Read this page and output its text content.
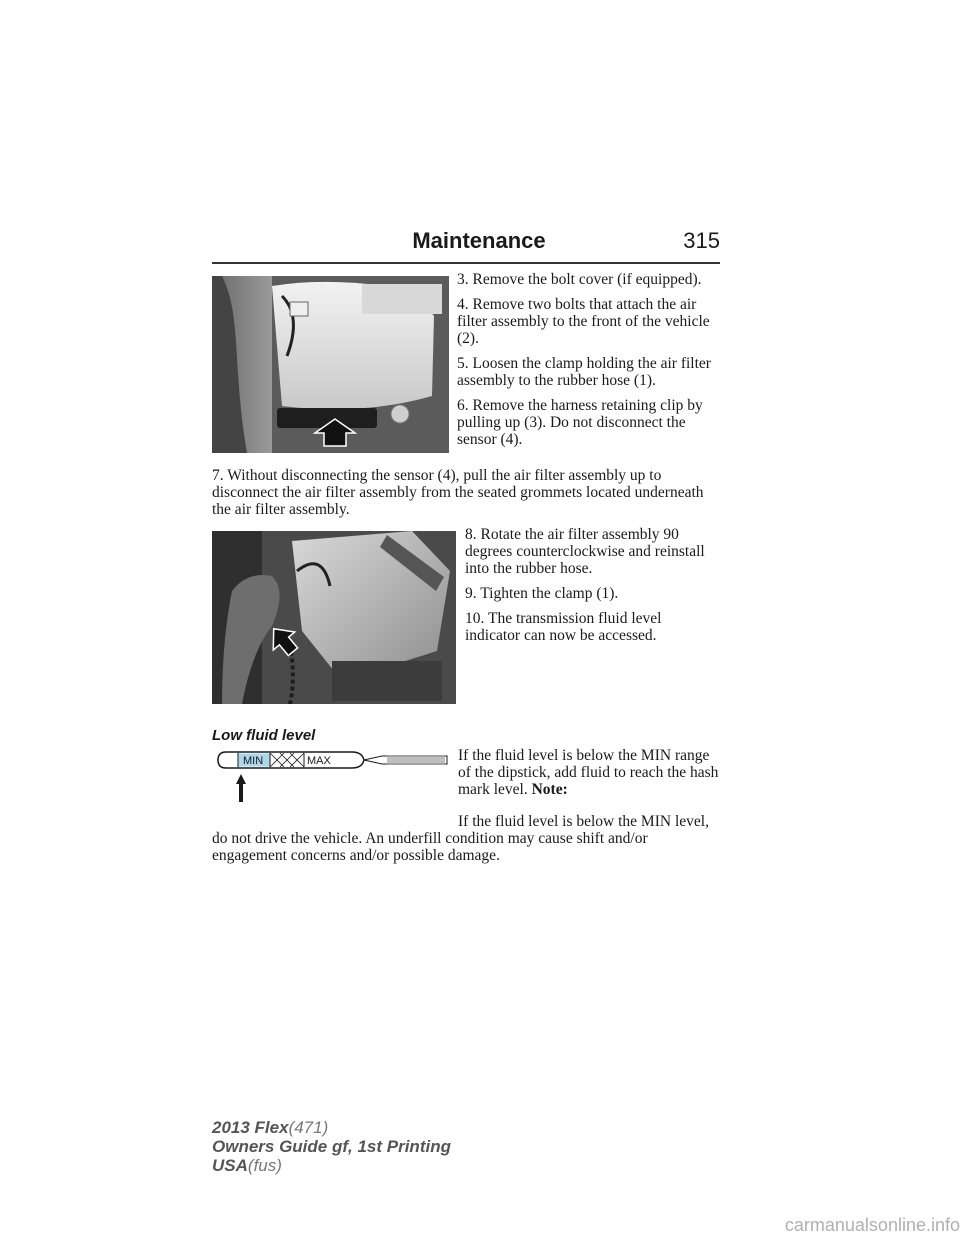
Maintenance	315

3. Remove the bolt cover (if equipped).

4. Remove two bolts that attach the air filter assembly to the front of the vehicle (2).

5. Loosen the clamp holding the air filter assembly to the rubber hose (1).

6. Remove the harness retaining clip by pulling up (3). Do not disconnect the sensor (4).

7. Without disconnecting the sensor (4), pull the air filter assembly up to disconnect the air filter assembly from the seated grommets located underneath the air filter assembly.

8. Rotate the air filter assembly 90 degrees counterclockwise and reinstall into the rubber hose.

9. Tighten the clamp (1).

10. The transmission fluid level indicator can now be accessed.

Low fluid level
MIN	MAX	If the fluid level is below the MIN range of the dipstick, add fluid to reach the hash mark level. Note:

If the fluid level is below the MIN level, do not drive the vehicle. An underfill condition may cause shift and/or engagement concerns and/or possible damage.

2013 Flex(471)
Owners Guide gf, 1st Printing
USA(fus)
carmanualsonline.info
